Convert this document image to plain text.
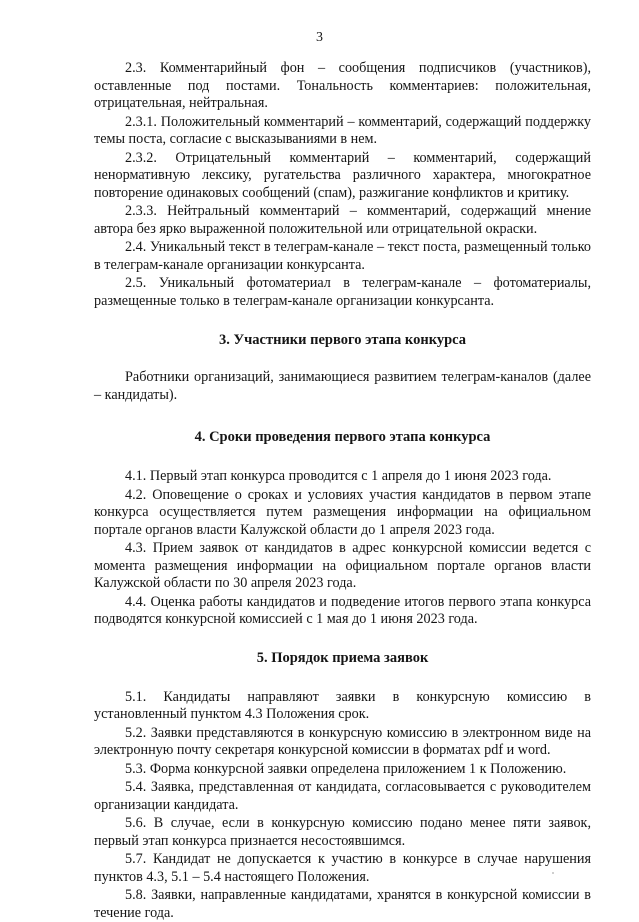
3

2.3. Комментарийный фон – сообщения подписчиков (участников), оставленные под постами. Тональность комментариев: положительная, отрицательная, нейтральная.

2.3.1. Положительный комментарий – комментарий, содержащий поддержку темы поста, согласие с высказываниями в нем.

2.3.2. Отрицательный комментарий – комментарий, содержащий ненормативную лексику, ругательства различного характера, многократное повторение одинаковых сообщений (спам), разжигание конфликтов и критику.

2.3.3. Нейтральный комментарий – комментарий, содержащий мнение автора без ярко выраженной положительной или отрицательной окраски.

2.4. Уникальный текст в телеграм-канале – текст поста, размещенный только в телеграм-канале организации конкурсанта.

2.5. Уникальный фотоматериал в телеграм-канале – фотоматериалы, размещенные только в телеграм-канале организации конкурсанта.

3. Участники первого этапа конкурса

Работники организаций, занимающиеся развитием телеграм-каналов (далее – кандидаты).

4. Сроки проведения первого этапа конкурса

4.1. Первый этап конкурса проводится с 1 апреля до 1 июня 2023 года.

4.2. Оповещение о сроках и условиях участия кандидатов в первом этапе конкурса осуществляется путем размещения информации на официальном портале органов власти Калужской области до 1 апреля 2023 года.

4.3. Прием заявок от кандидатов в адрес конкурсной комиссии ведется с момента размещения информации на официальном портале органов власти Калужской области по 30 апреля 2023 года.

4.4. Оценка работы кандидатов и подведение итогов первого этапа конкурса подводятся конкурсной комиссией с 1 мая до 1 июня 2023 года.

5. Порядок приема заявок

5.1. Кандидаты направляют заявки в конкурсную комиссию в установленный пунктом 4.3 Положения срок.

5.2. Заявки представляются в конкурсную комиссию в электронном виде на электронную почту секретаря конкурсной комиссии в форматах pdf и word.

5.3. Форма конкурсной заявки определена приложением 1 к Положению.

5.4. Заявка, представленная от кандидата, согласовывается с руководителем организации кандидата.

5.6. В случае, если в конкурсную комиссию подано менее пяти заявок, первый этап конкурса признается несостоявшимся.

5.7. Кандидат не допускается к участию в конкурсе в случае нарушения пунктов 4.3, 5.1 – 5.4 настоящего Положения.

5.8. Заявки, направленные кандидатами, хранятся в конкурсной комиссии в течение года.
